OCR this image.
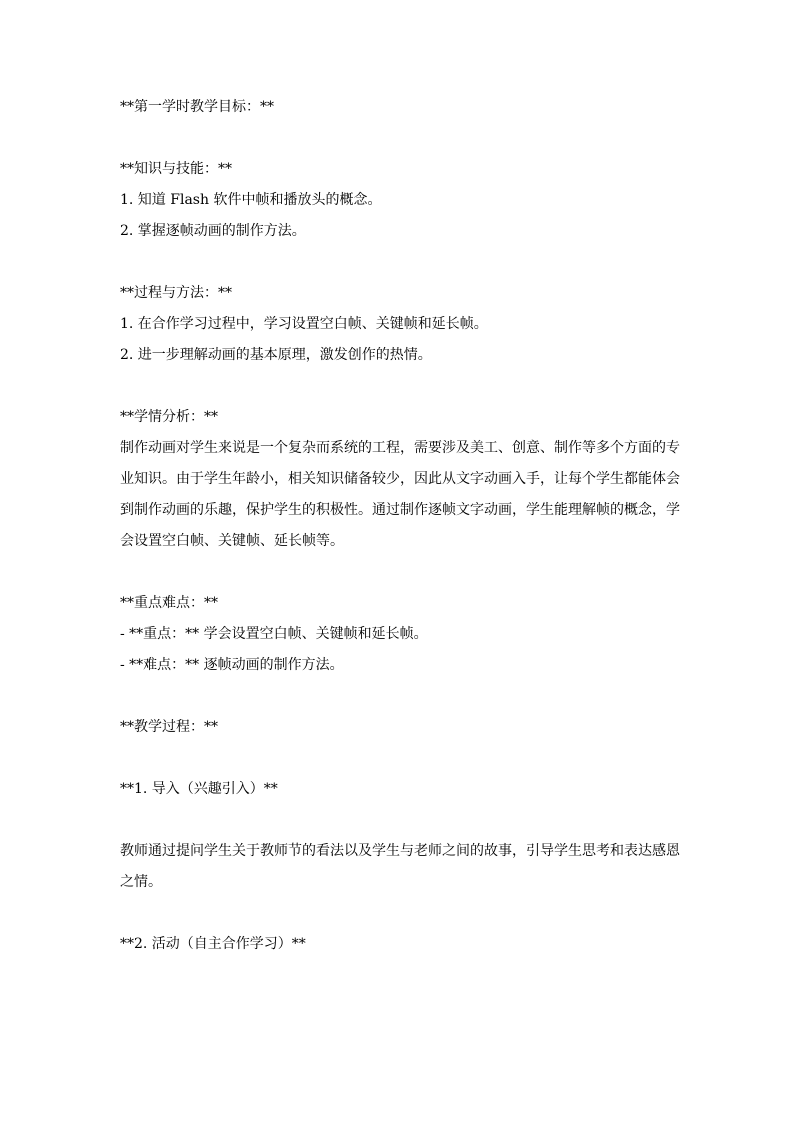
**第一学时教学目标：**
**知识与技能：**
1. 知道 Flash 软件中帧和播放头的概念。
2. 掌握逐帧动画的制作方法。
**过程与方法：**
1. 在合作学习过程中，学习设置空白帧、关键帧和延长帧。
2. 进一步理解动画的基本原理，激发创作的热情。
**学情分析：**

制作动画对学生来说是一个复杂而系统的工程，需要涉及美工、创意、制作等多个方面的专业知识。由于学生年龄小，相关知识储备较少，因此从文字动画入手，让每个学生都能体会到制作动画的乐趣，保护学生的积极性。通过制作逐帧文字动画，学生能理解帧的概念，学会设置空白帧、关键帧、延长帧等。

**重点难点：**
- **重点：** 学会设置空白帧、关键帧和延长帧。
- **难点：** 逐帧动画的制作方法。
**教学过程：**
**1. 导入（兴趣引入）**

教师通过提问学生关于教师节的看法以及学生与老师之间的故事，引导学生思考和表达感恩之情。

**2. 活动（自主合作学习）**
